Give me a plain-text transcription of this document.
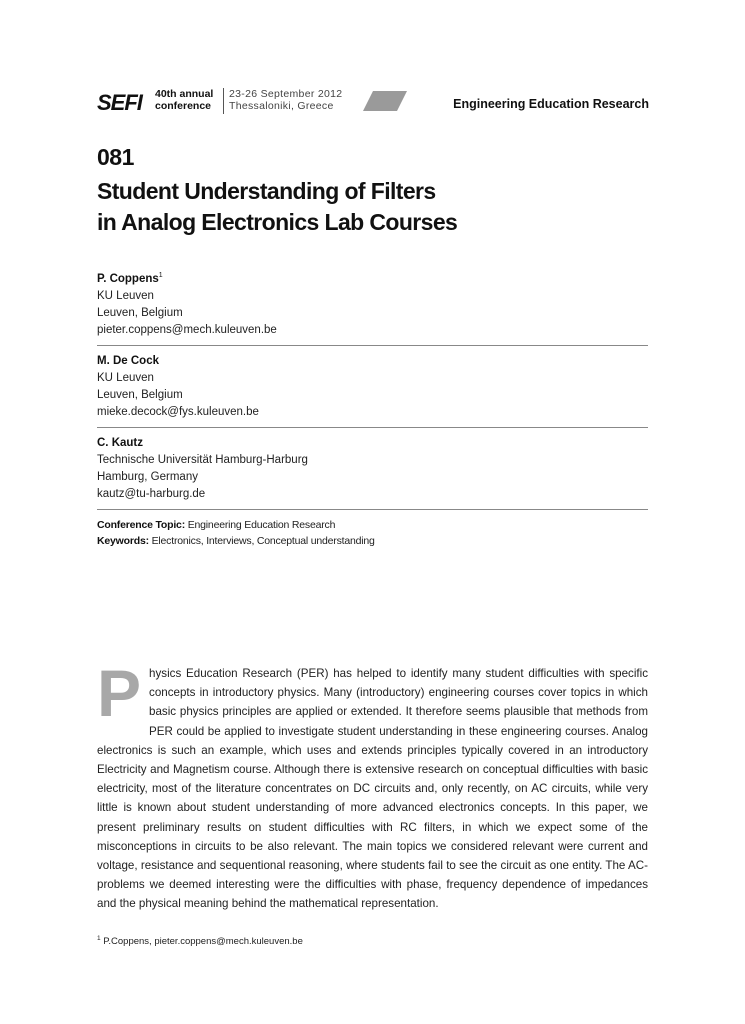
SEFI 40th annual
conference
23-26 September 2012
Thessaloniki, Greece	Engineering Education Research
081
Student Understanding of Filters
in Analog Electronics Lab Courses
P. Coppens$^1$
KU Leuven
Leuven, Belgium
pieter.coppens@mech.kuleuven.be
M. De Cock
KU Leuven
Leuven, Belgium
mieke.decock@fys.kuleuven.be
C. Kautz
Technische Universität Hamburg-Harburg
Hamburg, Germany
kautz@tu-harburg.de
Conference Topic: Engineering Education Research
Keywords: Electronics, Interviews, Conceptual understanding
Physics Education Research (PER) has helped to identify many student difficulties with specific concepts in introductory physics. Many (introductory) engineering courses cover topics in which basic physics principles are applied or extended. It therefore seems plausible that methods from PER could be applied to investigate student understanding in these engineering courses. Analog electronics is such an example, which uses and extends principles typically covered in an introductory Electricity and Magnetism course. Although there is extensive research on conceptual difficulties with basic electricity, most of the literature concentrates on DC circuits and, only recently, on AC circuits, while very little is known about student understanding of more advanced electronics concepts. In this paper, we present preliminary results on student difficulties with RC filters, in which we expect some of the misconceptions in circuits to be also relevant. The main topics we considered relevant were current and voltage, resistance and sequentional reasoning, where students fail to see the circuit as one entity. The AC-problems we deemed interesting were the difficulties with phase, frequency dependence of impedances and the physical meaning behind the mathematical representation.
$^1$ P.Coppens, pieter.coppens@mech.kuleuven.be
